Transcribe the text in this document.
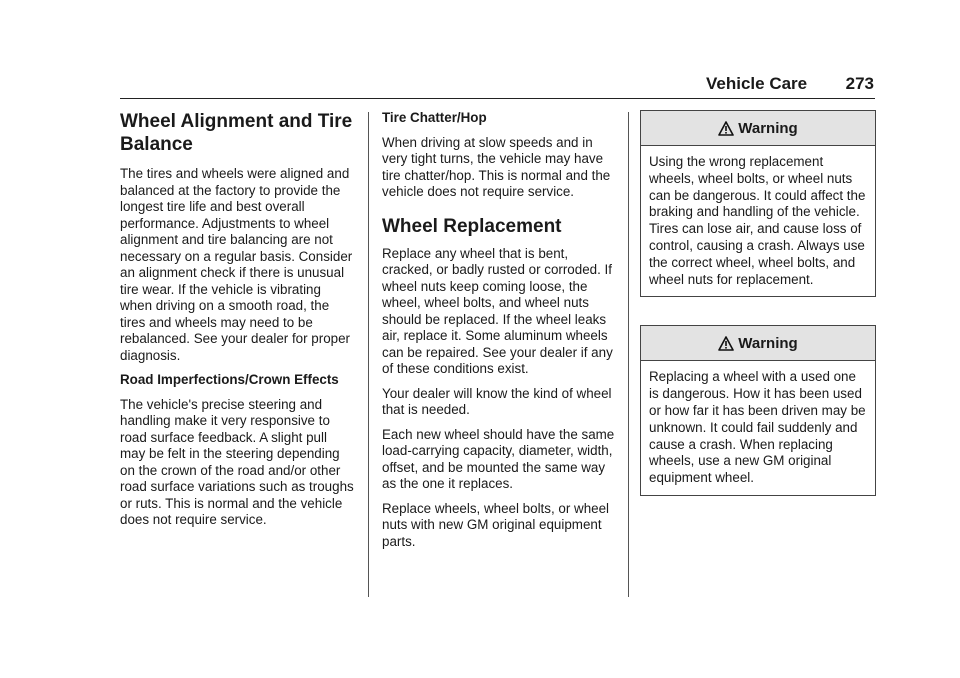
Vehicle Care 273
Wheel Alignment and Tire Balance

The tires and wheels were aligned and balanced at the factory to provide the longest tire life and best overall performance. Adjustments to wheel alignment and tire balancing are not necessary on a regular basis. Consider an alignment check if there is unusual tire wear. If the vehicle is vibrating when driving on a smooth road, the tires and wheels may need to be rebalanced. See your dealer for proper diagnosis.

Road Imperfections/Crown Effects

The vehicle's precise steering and handling make it very responsive to road surface feedback. A slight pull may be felt in the steering depending on the crown of the road and/or other road surface variations such as troughs or ruts. This is normal and the vehicle does not require service.

Tire Chatter/Hop

When driving at slow speeds and in very tight turns, the vehicle may have tire chatter/hop. This is normal and the vehicle does not require service.

Wheel Replacement

Replace any wheel that is bent, cracked, or badly rusted or corroded. If wheel nuts keep coming loose, the wheel, wheel bolts, and wheel nuts should be replaced. If the wheel leaks air, replace it. Some aluminum wheels can be repaired. See your dealer if any of these conditions exist.

Your dealer will know the kind of wheel that is needed.

Each new wheel should have the same load-carrying capacity, diameter, width, offset, and be mounted the same way as the one it replaces.

Replace wheels, wheel bolts, or wheel nuts with new GM original equipment parts.

Warning
Using the wrong replacement wheels, wheel bolts, or wheel nuts can be dangerous. It could affect the braking and handling of the vehicle. Tires can lose air, and cause loss of control, causing a crash. Always use the correct wheel, wheel bolts, and wheel nuts for replacement.
Warning
Replacing a wheel with a used one is dangerous. How it has been used or how far it has been driven may be unknown. It could fail suddenly and cause a crash. When replacing wheels, use a new GM original equipment wheel.
